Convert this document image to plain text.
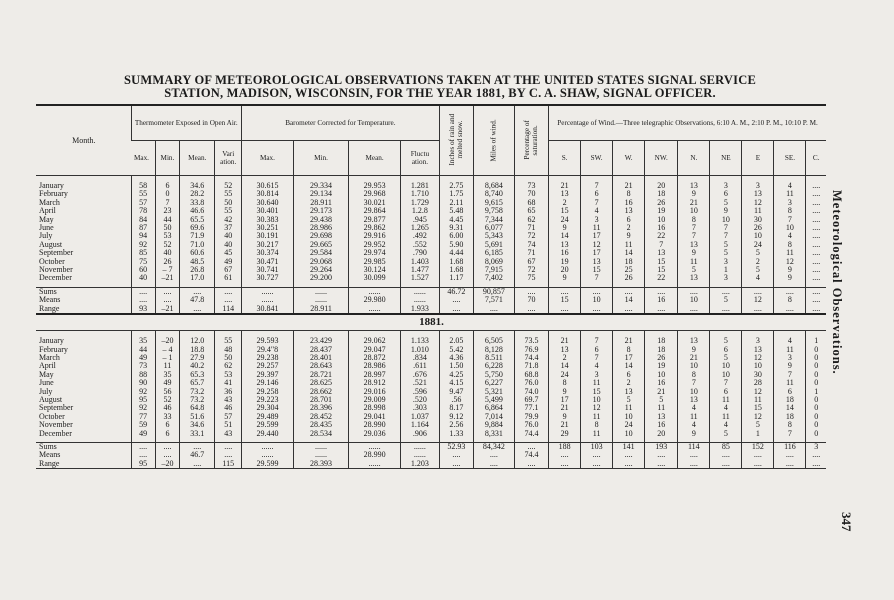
SUMMARY OF METEOROLOGICAL OBSERVATIONS TAKEN AT THE UNITED STATES SIGNAL SERVICE
STATION, MADISON, WISCONSIN, FOR THE YEAR 1881, BY C. A. SHAW, SIGNAL OFFICER.
Meteorological Observations.
347
Month.	Thermometer Exposed in Open Air.				Barometer Corrected for Temperature.				Inches of rain and melted snow.	Miles of wind.	Percentage of saturation.	Percentage of Wind.—Three telegraphic Observations, 6:10 A. M., 2:10 P. M., 10:10 P. M.								
	Max.	Min.	Mean.	Vari ation.	Max.	Min.	Mean.	Fluctu ation.				S.	SW.	W.	NW.	N.	NE	E	SE.	C.
January	58	6	34.6	52	30.615	29.334	29.953	1.281	2.75	8,684	73	21	7	21	20	13	3	3	4	....
February	55	0	28.2	55	30.814	29.134	29.968	1.710	1.75	8,740	70	13	6	8	18	9	6	13	11	....
March	57	7	33.8	50	30.640	28.911	30.021	1.729	2.11	9,615	68	2	7	16	26	21	5	12	3	....
April	78	23	46.6	55	30.401	29.173	29.864	1.2.8	5.48	9,758	65	15	4	13	19	10	9	11	8	....
May	84	44	65.5	42	30.383	29.438	29.877	.945	4.45	7,344	62	24	3	6	10	8	10	30	7	....
June	87	50	69.6	37	30.251	28.986	29.862	1.265	9.31	6,077	71	9	11	2	16	7	7	26	10	....
July	94	53	71.9	40	30.191	29.698	29.916	.492	6.00	5,343	72	14	17	9	22	7	7	10	4	....
August	92	52	71.0	40	30.217	29.665	29.952	.552	5.90	5,691	74	13	12	11	7	13	5	24	8	....
September	85	40	60.6	45	30.374	29.584	29.974	.790	4.44	6,185	71	16	17	14	13	9	5	5	11	....
October	75	26	48.5	49	30.471	29.068	29.985	1.403	1.68	8,069	67	19	13	18	15	11	3	2	12	....
November	60	– 7	26.8	67	30.741	29.264	30.124	1.477	1.68	7,915	72	20	15	25	15	5	1	5	9	....
December	40	–21	17.0	61	30.727	29.200	30.099	1.527	1.17	7,402	75	9	7	26	22	13	3	4	9	....
Sums	....	....	....	....	......	......	......	......	46.72	90,857	....	....	....	....	....	....	....	....	....	....
Means	....	....	47.8	....	......	......	29.980	......	....	7,571	70	15	10	14	16	10	5	12	8	....
Range	93	–21	....	114	30.841	28.911	......	1.933	....	....	....	....	....	....	....	....	....	....	....	....
1881.																				
January	35	–20	12.0	55	29.593	23.429	29.062	1.133	2.05	6,505	73.5	21	7	21	18	13	5	3	4	1
February	44	– 4	18.8	48	29.4"8	28.437	29.047	1.010	5.42	8,128	76.9	13	6	8	18	9	6	13	11	0
March	49	– 1	27.9	50	29.238	28.401	28.872	.834	4.36	8.511	74.4	2	7	17	26	21	5	12	3	0
April	73	11	40.2	62	29.257	28.643	28.986	.611	1.50	6,228	71.8	14	4	14	19	10	10	10	9	0
May	88	35	65.3	53	29.397	28.721	28.997	.676	4.25	5,750	68.8	24	3	6	10	8	10	30	7	0
June	90	49	65.7	41	29.146	28.625	28.912	.521	4.15	6,227	76.0	8	11	2	16	7	7	28	11	0
July	92	56	73.2	36	29.258	28.662	29.016	.596	9.47	5,321	74.0	9	15	13	21	10	6	12	6	1
August	95	52	73.2	43	29.223	28.701	29.009	.520	.56	5,499	69.7	17	10	5	5	13	11	11	18	0
September	92	46	64.8	46	29.304	28.396	28.998	.303	8.17	6,864	77.1	21	12	11	11	4	4	15	14	0
October	77	33	51.6	57	29.489	28.452	29.041	1.037	9.12	7,014	79.9	9	11	10	13	11	11	12	18	0
November	59	6	34.6	51	29.599	28.435	28.990	1.164	2.56	9,884	76.0	21	8	24	16	4	4	5	8	0
December	49	6	33.1	43	29.440	28.534	29.036	.906	1.33	8,331	74.4	29	11	10	20	9	5	1	7	0
Sums	....	....	....	....	......	......	......	......	52.93	84,342	....	188	103	141	193	114	85	152	116	3
Means	....	....	46.7	....	......	......	28.990	......	....	....	74.4	....	....	....	....	....	....	....	....	....
Range	95	–20	....	115	29.599	28.393	......	1.203	....	....	....	....	....	....	....	....	....	....	....	....
